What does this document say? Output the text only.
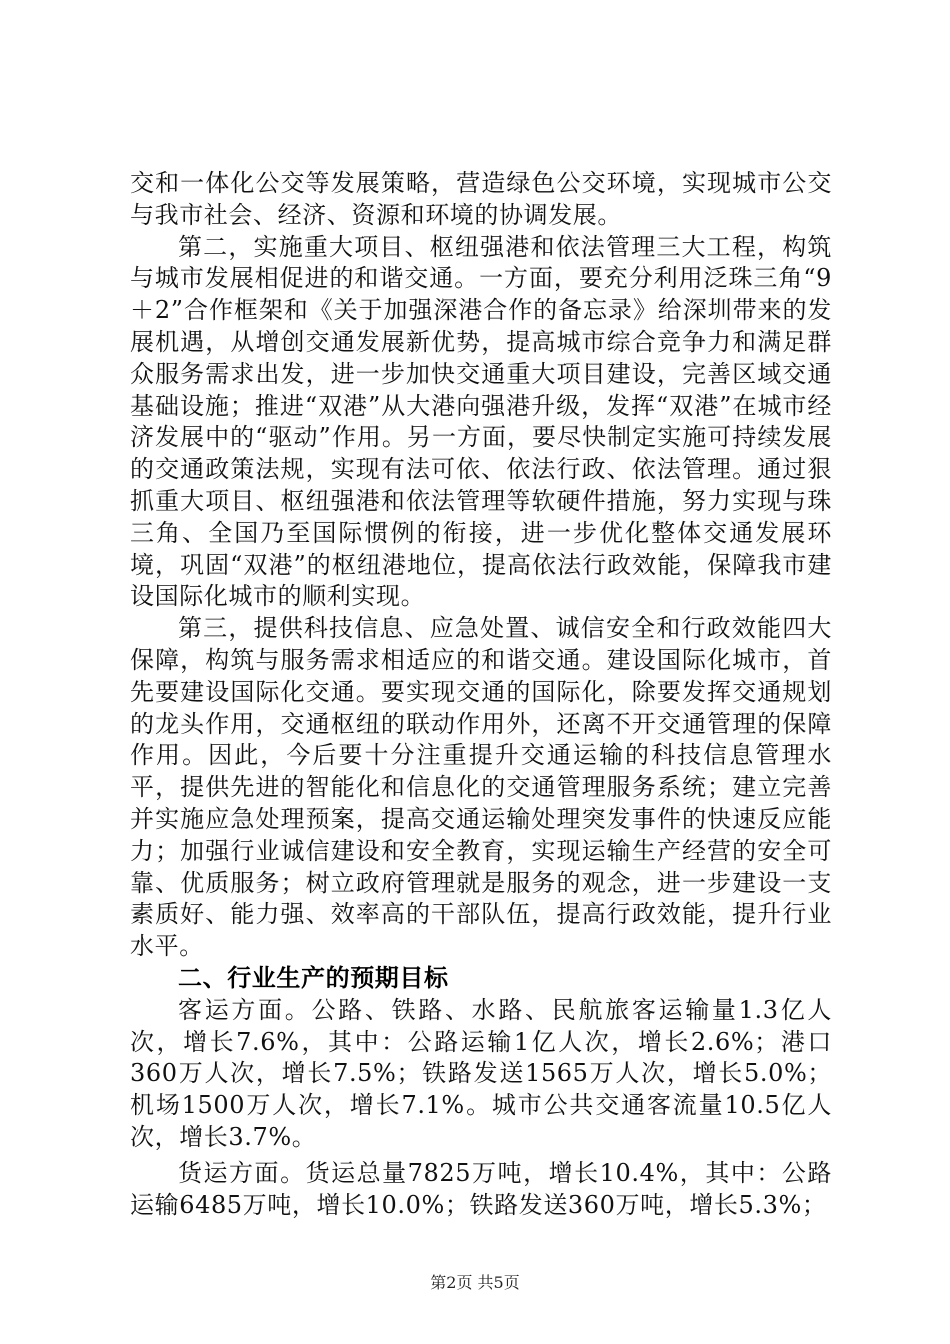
交和一体化公交等发展策略，营造绿色公交环境，实现城市公交与我市社会、经济、资源和环境的协调发展。

第二，实施重大项目、枢纽强港和依法管理三大工程，构筑与城市发展相促进的和谐交通。一方面，要充分利用泛珠三角“9＋2”合作框架和《关于加强深港合作的备忘录》给深圳带来的发展机遇，从增创交通发展新优势，提高城市综合竞争力和满足群众服务需求出发，进一步加快交通重大项目建设，完善区域交通基础设施；推进“双港”从大港向强港升级，发挥“双港”在城市经济发展中的“驱动”作用。另一方面，要尽快制定实施可持续发展的交通政策法规，实现有法可依、依法行政、依法管理。通过狠抓重大项目、枢纽强港和依法管理等软硬件措施，努力实现与珠三角、全国乃至国际惯例的衔接，进一步优化整体交通发展环境，巩固“双港”的枢纽港地位，提高依法行政效能，保障我市建设国际化城市的顺利实现。

第三，提供科技信息、应急处置、诚信安全和行政效能四大保障，构筑与服务需求相适应的和谐交通。建设国际化城市，首先要建设国际化交通。要实现交通的国际化，除要发挥交通规划的龙头作用，交通枢纽的联动作用外，还离不开交通管理的保障作用。因此，今后要十分注重提升交通运输的科技信息管理水平，提供先进的智能化和信息化的交通管理服务系统；建立完善并实施应急处理预案，提高交通运输处理突发事件的快速反应能力；加强行业诚信建设和安全教育，实现运输生产经营的安全可靠、优质服务；树立政府管理就是服务的观念，进一步建设一支素质好、能力强、效率高的干部队伍，提高行政效能，提升行业水平。

二、行业生产的预期目标

客运方面。公路、铁路、水路、民航旅客运输量1.3亿人次，增长7.6%，其中：公路运输1亿人次，增长2.6%；港口360万人次，增长7.5%；铁路发送1565万人次，增长5.0%；机场1500万人次，增长7.1%。城市公共交通客流量10.5亿人次，增长3.7%。

货运方面。货运总量7825万吨，增长10.4%，其中：公路运输6485万吨，增长10.0%；铁路发送360万吨，增长5.3%；

第2页 共5页
